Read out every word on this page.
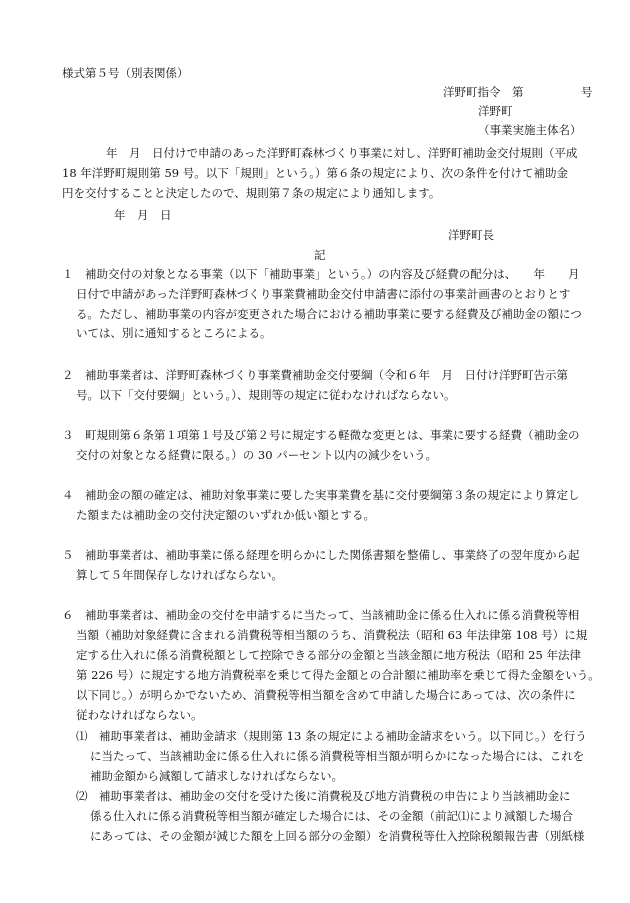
様式第５号（別表関係）
洋野町指令　第　　　　　号
洋野町
（事業実施主体名）
年　月　日付けで申請のあった洋野町森林づくり事業に対し、洋野町補助金交付規則（平成
18 年洋野町規則第 59 号。以下「規則」という。）第６条の規定により、次の条件を付けて補助金
円を交付することと決定したので、規則第７条の規定により通知します。
年　月　日
洋野町長
記
１　補助交付の対象となる事業（以下「補助事業」という。）の内容及び経費の配分は、　　年　　月
日付で申請があった洋野町森林づくり事業費補助金交付申請書に添付の事業計画書のとおりとす
る。ただし、補助事業の内容が変更された場合における補助事業に要する経費及び補助金の額につ
いては、別に通知するところによる。
２　補助事業者は、洋野町森林づくり事業費補助金交付要綱（令和６年　月　日付け洋野町告示第
号。以下「交付要綱」という。）、規則等の規定に従わなければならない。
３　町規則第６条第１項第１号及び第２号に規定する軽微な変更とは、事業に要する経費（補助金の
交付の対象となる経費に限る。）の 30 パーセント以内の減少をいう。
４　補助金の額の確定は、補助対象事業に要した実事業費を基に交付要綱第３条の規定により算定し
た額または補助金の交付決定額のいずれか低い額とする。
５　補助事業者は、補助事業に係る経理を明らかにした関係書類を整備し、事業終了の翌年度から起
算して５年間保存しなければならない。
６　補助事業者は、補助金の交付を申請するに当たって、当該補助金に係る仕入れに係る消費税等相
当額（補助対象経費に含まれる消費税等相当額のうち、消費税法（昭和 63 年法律第 108 号）に規
定する仕入れに係る消費税額として控除できる部分の金額と当該金額に地方税法（昭和 25 年法律
第 226 号）に規定する地方消費税率を乗じて得た金額との合計額に補助率を乗じて得た金額をいう。
以下同じ。）が明らかでないため、消費税等相当額を含めて申請した場合にあっては、次の条件に
従わなければならない。
⑴　補助事業者は、補助金請求（規則第 13 条の規定による補助金請求をいう。以下同じ。）を行う
に当たって、当該補助金に係る仕入れに係る消費税等相当額が明らかになった場合には、これを
補助金額から減額して請求しなければならない。
⑵　補助事業者は、補助金の交付を受けた後に消費税及び地方消費税の申告により当該補助金に
係る仕入れに係る消費税等相当額が確定した場合には、その金額（前記⑴により減額した場合
にあっては、その金額が減じた額を上回る部分の金額）を消費税等仕入控除税額報告書（別紙様
